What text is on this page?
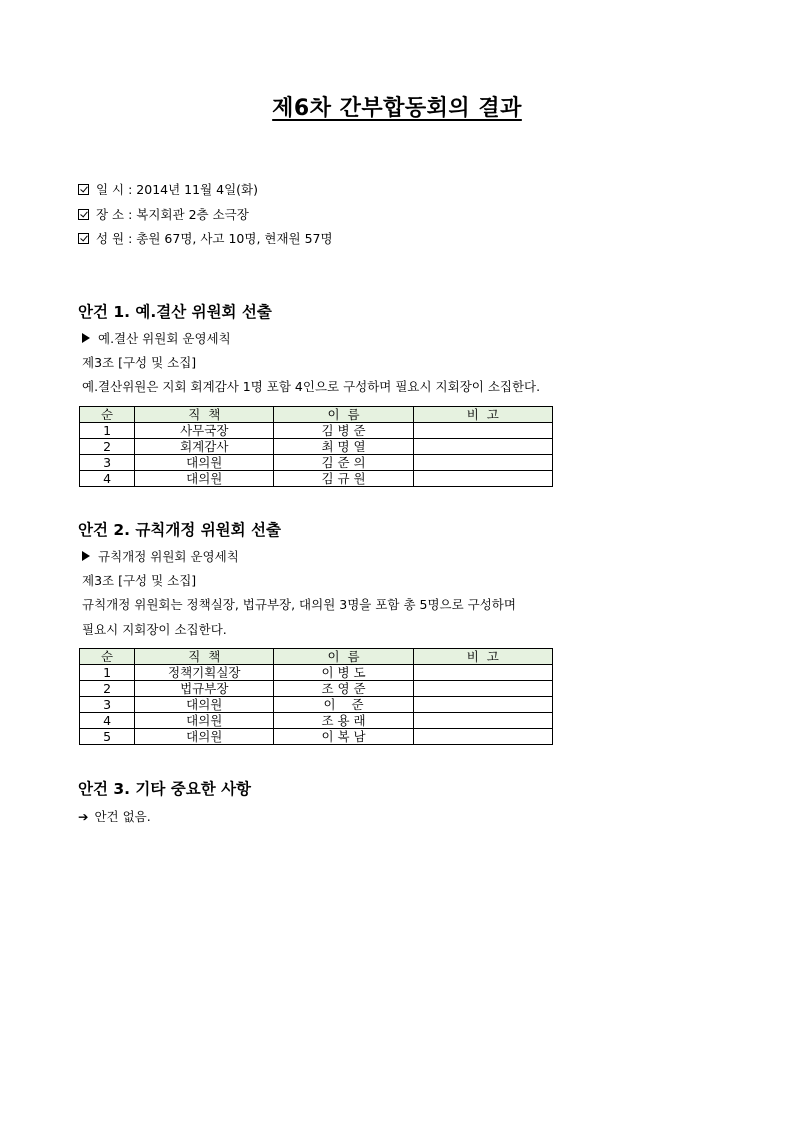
제6차 간부합동회의 결과
일 시 : 2014년 11월 4일(화)
장 소 : 복지회관 2층 소극장
성 원 : 총원 67명, 사고 10명, 현재원 57명
안건 1. 예.결산 위원회 선출
예.결산 위원회 운영세칙
제3조 [구성 및 소집]
예.결산위원은 지회 회계감사 1명 포함 4인으로 구성하며 필요시 지회장이 소집한다.
순	직  책	이  름	비  고
1	사무국장	김 병 준	
2	회계감사	최 명 열	
3	대의원	김 준 의	
4	대의원	김 규 원	
안건 2. 규칙개정 위원회 선출
규칙개정 위원회 운영세칙
제3조 [구성 및 소집]
규칙개정 위원회는 정책실장, 법규부장, 대의원 3명을 포함 총 5명으로 구성하며
필요시 지회장이 소집한다.
순	직  책	이  름	비  고
1	정책기획실장	이 병 도	
2	법규부장	조 영 준	
3	대의원	이    준	
4	대의원	조 용 래	
5	대의원	이 복 남	
안건 3. 기타 중요한 사항
➔ 안건 없음.
